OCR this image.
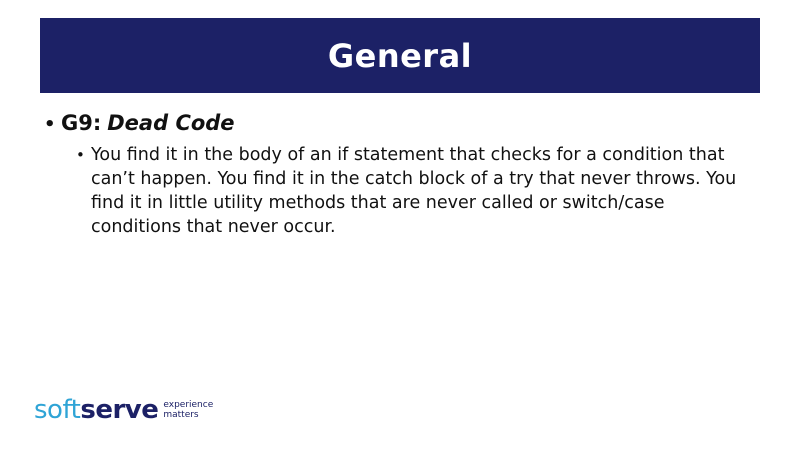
General
• G9: Dead Code
• You find it in the body of an if statement that checks for a condition that can’t happen. You find it in the catch block of a try that never throws. You find it in little utility methods that are never called or switch/case conditions that never occur.
soft serve experience
matters
